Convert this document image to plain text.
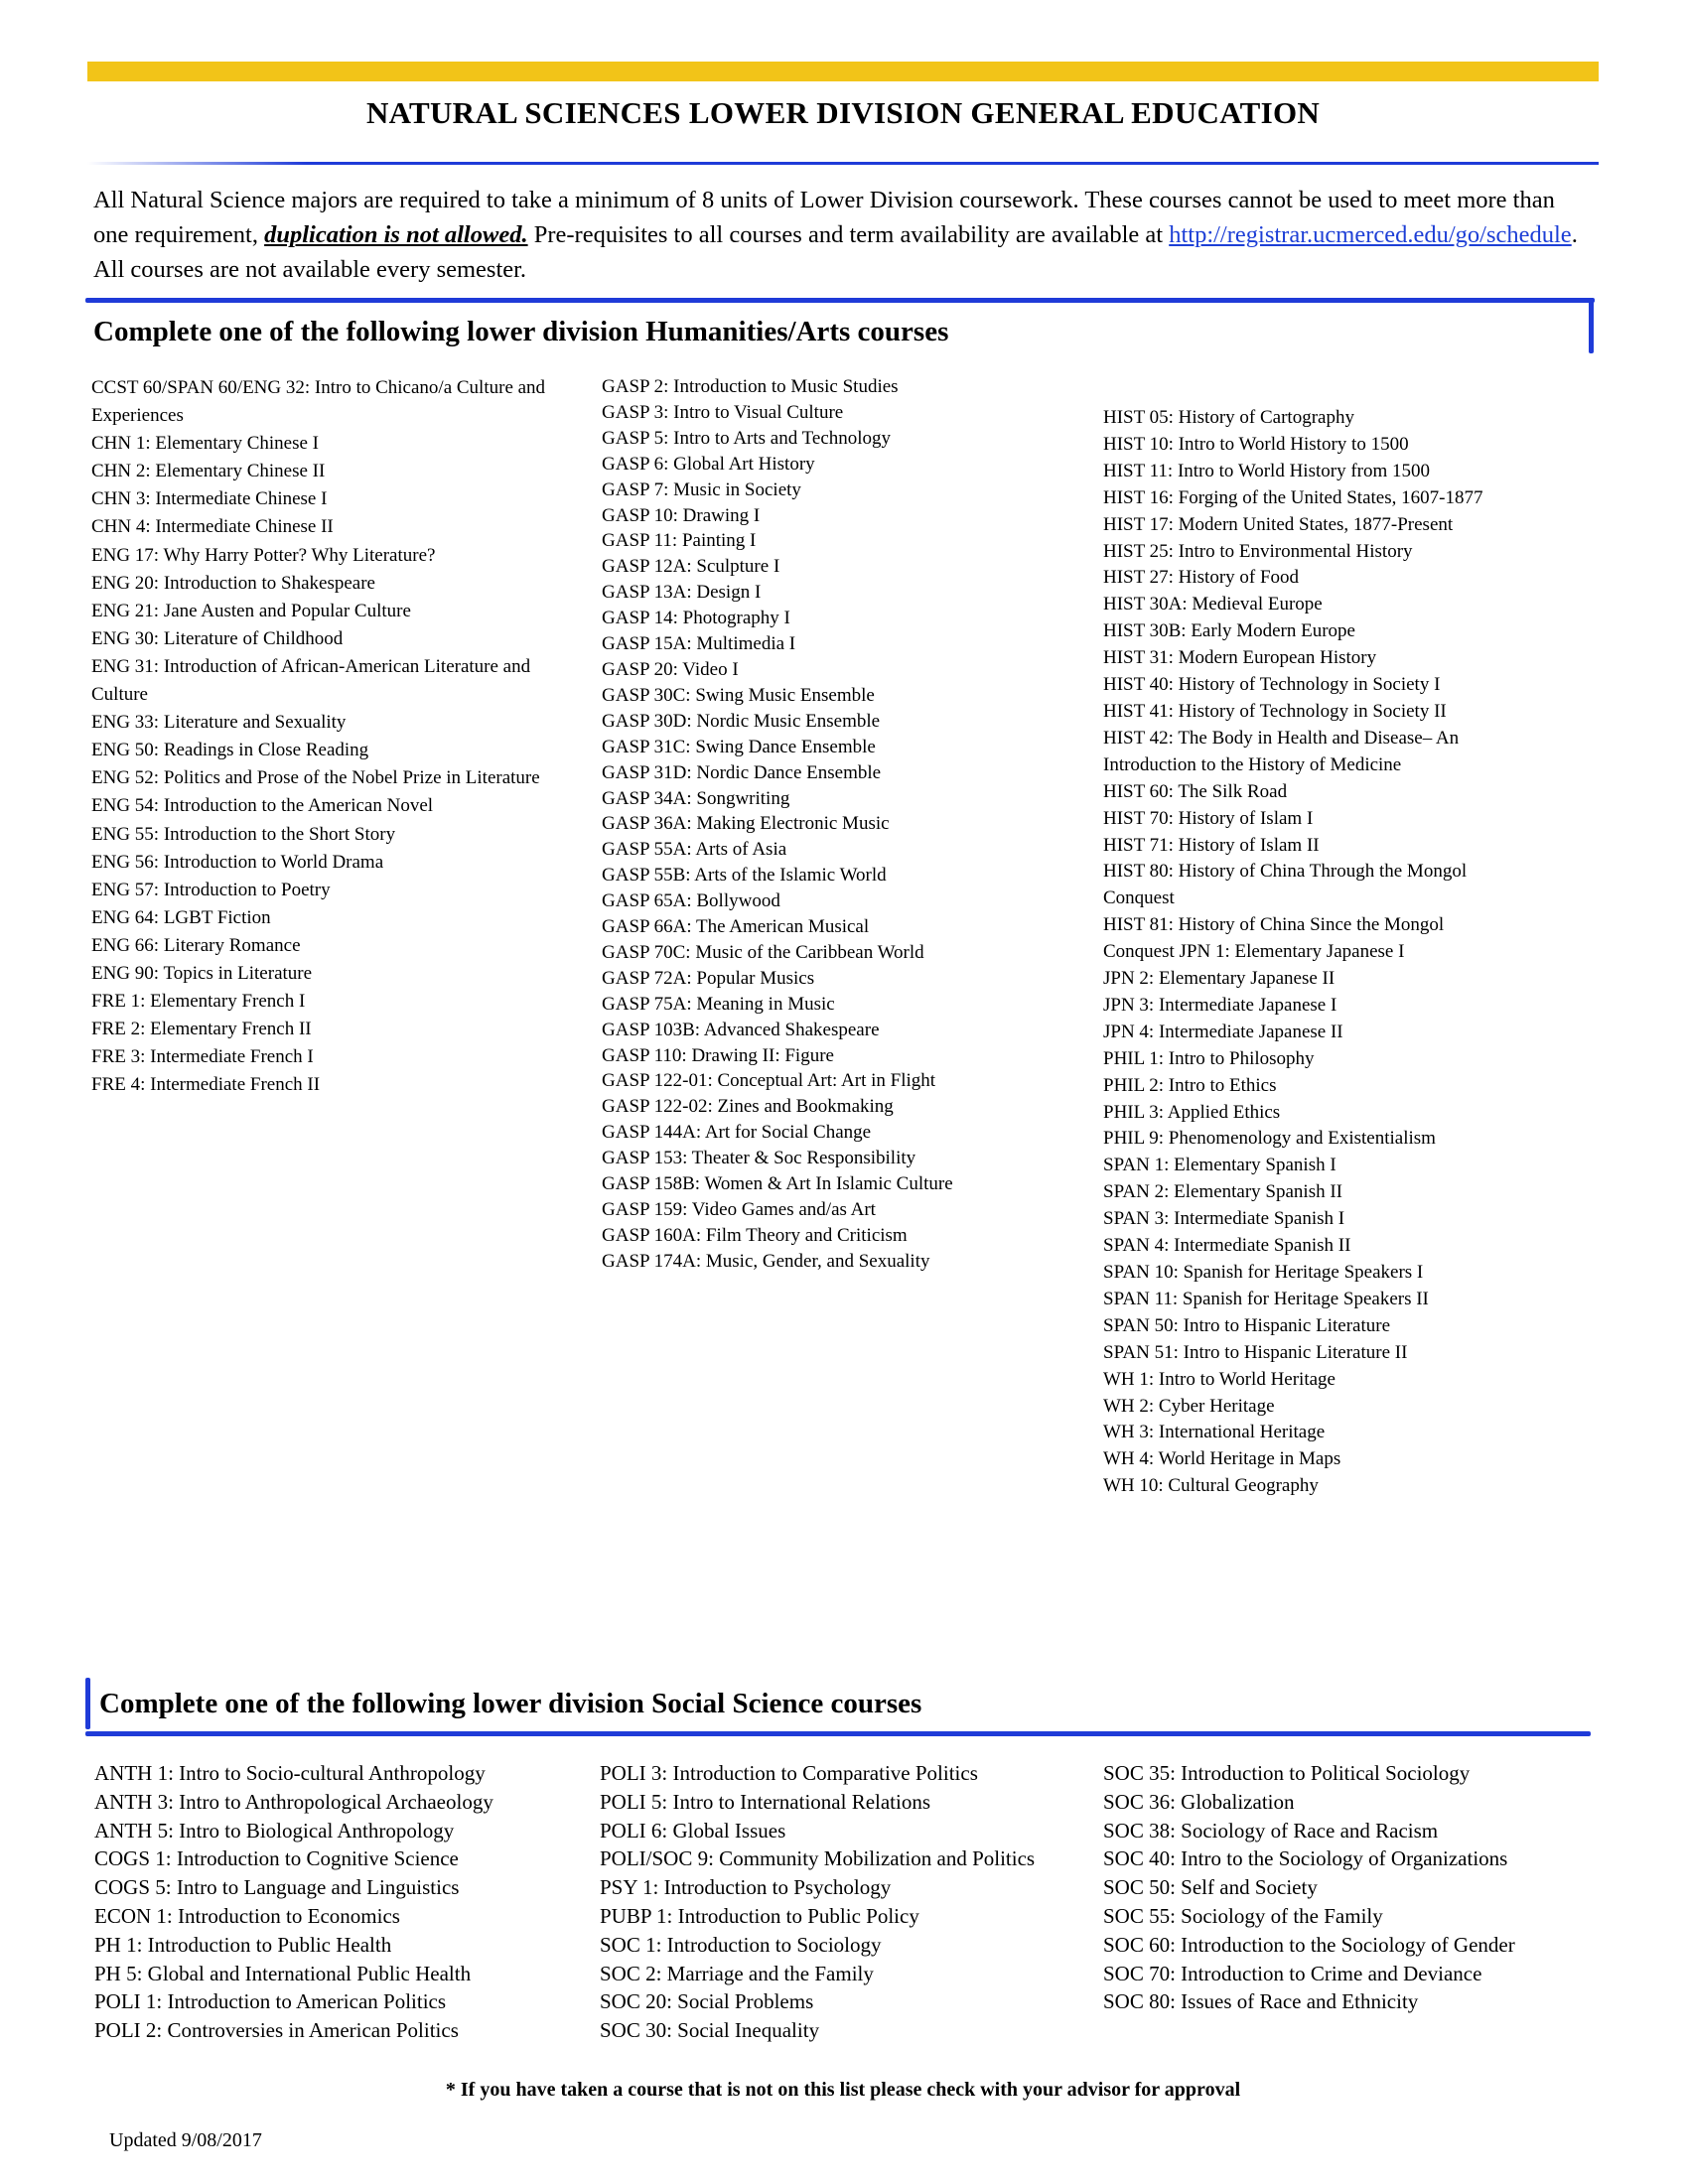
NATURAL SCIENCES LOWER DIVISION GENERAL EDUCATION

All Natural Science majors are required to take a minimum of 8 units of Lower Division coursework. These courses cannot be used to meet more than one requirement, duplication is not allowed. Pre-requisites to all courses and term availability are available at http://registrar.ucmerced.edu/go/schedule. All courses are not available every semester.

Complete one of the following lower division Humanities/Arts courses
CCST 60/SPAN 60/ENG 32: Intro to Chicano/a Culture and Experiences
CHN 1: Elementary Chinese I
CHN 2: Elementary Chinese II
CHN 3: Intermediate Chinese I
CHN 4: Intermediate Chinese II
ENG 17: Why Harry Potter? Why Literature?
ENG 20: Introduction to Shakespeare
ENG 21: Jane Austen and Popular Culture
ENG 30: Literature of Childhood
ENG 31: Introduction of African-American Literature and Culture
ENG 33: Literature and Sexuality
ENG 50: Readings in Close Reading
ENG 52: Politics and Prose of the Nobel Prize in Literature
ENG 54: Introduction to the American Novel
ENG 55: Introduction to the Short Story
ENG 56: Introduction to World Drama
ENG 57: Introduction to Poetry
ENG 64: LGBT Fiction
ENG 66: Literary Romance
ENG 90: Topics in Literature
FRE 1: Elementary French I
FRE 2: Elementary French II
FRE 3: Intermediate French I
FRE 4: Intermediate French II
GASP 2: Introduction to Music Studies
GASP 3: Intro to Visual Culture
GASP 5: Intro to Arts and Technology
GASP 6: Global Art History
GASP 7: Music in Society
GASP 10: Drawing I
GASP 11: Painting I
GASP 12A: Sculpture I
GASP 13A: Design I
GASP 14: Photography I
GASP 15A: Multimedia I
GASP 20: Video I
GASP 30C: Swing Music Ensemble
GASP 30D: Nordic Music Ensemble
GASP 31C: Swing Dance Ensemble
GASP 31D: Nordic Dance Ensemble
GASP 34A: Songwriting
GASP 36A: Making Electronic Music
GASP 55A: Arts of Asia
GASP 55B: Arts of the Islamic World
GASP 65A: Bollywood
GASP 66A: The American Musical
GASP 70C: Music of the Caribbean World
GASP 72A: Popular Musics
GASP 75A: Meaning in Music
GASP 103B: Advanced Shakespeare
GASP 110: Drawing II: Figure
GASP 122-01: Conceptual Art: Art in Flight
GASP 122-02: Zines and Bookmaking
GASP 144A: Art for Social Change
GASP 153: Theater & Soc Responsibility
GASP 158B: Women & Art In Islamic Culture
GASP 159: Video Games and/as Art
GASP 160A: Film Theory and Criticism
GASP 174A: Music, Gender, and Sexuality
HIST 05: History of Cartography
HIST 10: Intro to World History to 1500
HIST 11: Intro to World History from 1500
HIST 16: Forging of the United States, 1607-1877
HIST 17: Modern United States, 1877-Present
HIST 25: Intro to Environmental History
HIST 27: History of Food
HIST 30A: Medieval Europe
HIST 30B: Early Modern Europe
HIST 31: Modern European History
HIST 40: History of Technology in Society I
HIST 41: History of Technology in Society II
HIST 42: The Body in Health and Disease– An
Introduction to the History of Medicine
HIST 60: The Silk Road
HIST 70: History of Islam I
HIST 71: History of Islam II
HIST 80: History of China Through the Mongol
Conquest
HIST 81: History of China Since the Mongol
Conquest JPN 1: Elementary Japanese I
JPN 2: Elementary Japanese II
JPN 3: Intermediate Japanese I
JPN 4: Intermediate Japanese II
PHIL 1: Intro to Philosophy
PHIL 2: Intro to Ethics
PHIL 3: Applied Ethics
PHIL 9: Phenomenology and Existentialism
SPAN 1: Elementary Spanish I
SPAN 2: Elementary Spanish II
SPAN 3: Intermediate Spanish I
SPAN 4: Intermediate Spanish II
SPAN 10: Spanish for Heritage Speakers I
SPAN 11: Spanish for Heritage Speakers II
SPAN 50: Intro to Hispanic Literature
SPAN 51: Intro to Hispanic Literature II
WH 1: Intro to World Heritage
WH 2: Cyber Heritage
WH 3: International Heritage
WH 4: World Heritage in Maps
WH 10: Cultural Geography
Complete one of the following lower division Social Science courses
ANTH 1: Intro to Socio-cultural Anthropology
ANTH 3: Intro to Anthropological Archaeology
ANTH 5: Intro to Biological Anthropology
COGS 1: Introduction to Cognitive Science
COGS 5: Intro to Language and Linguistics
ECON 1: Introduction to Economics
PH 1: Introduction to Public Health
PH 5: Global and International Public Health
POLI 1: Introduction to American Politics
POLI 2: Controversies in American Politics
POLI 3: Introduction to Comparative Politics
POLI 5: Intro to International Relations
POLI 6: Global Issues
POLI/SOC 9: Community Mobilization and Politics
PSY 1: Introduction to Psychology
PUBP 1: Introduction to Public Policy
SOC 1: Introduction to Sociology
SOC 2: Marriage and the Family
SOC 20: Social Problems
SOC 30: Social Inequality
SOC 35: Introduction to Political Sociology
SOC 36: Globalization
SOC 38: Sociology of Race and Racism
SOC 40: Intro to the Sociology of Organizations
SOC 50: Self and Society
SOC 55: Sociology of the Family
SOC 60: Introduction to the Sociology of Gender
SOC 70: Introduction to Crime and Deviance
SOC 80: Issues of Race and Ethnicity
* If you have taken a course that is not on this list please check with your advisor for approval
Updated 9/08/2017
